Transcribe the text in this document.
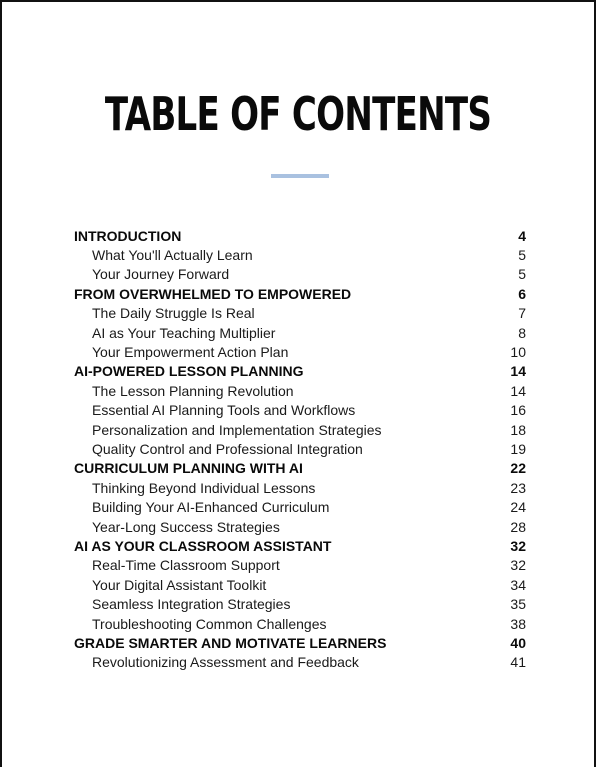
TABLE OF CONTENTS
INTRODUCTION	4
What You'll Actually Learn	5
Your Journey Forward	5
FROM OVERWHELMED TO EMPOWERED	6
The Daily Struggle Is Real	7
AI as Your Teaching Multiplier	8
Your Empowerment Action Plan	10
AI-POWERED LESSON PLANNING	14
The Lesson Planning Revolution	14
Essential AI Planning Tools and Workflows	16
Personalization and Implementation Strategies	18
Quality Control and Professional Integration	19
CURRICULUM PLANNING WITH AI	22
Thinking Beyond Individual Lessons	23
Building Your AI-Enhanced Curriculum	24
Year-Long Success Strategies	28
AI AS YOUR CLASSROOM ASSISTANT	32
Real-Time Classroom Support	32
Your Digital Assistant Toolkit	34
Seamless Integration Strategies	35
Troubleshooting Common Challenges	38
GRADE SMARTER AND MOTIVATE LEARNERS	40
Revolutionizing Assessment and Feedback	41
